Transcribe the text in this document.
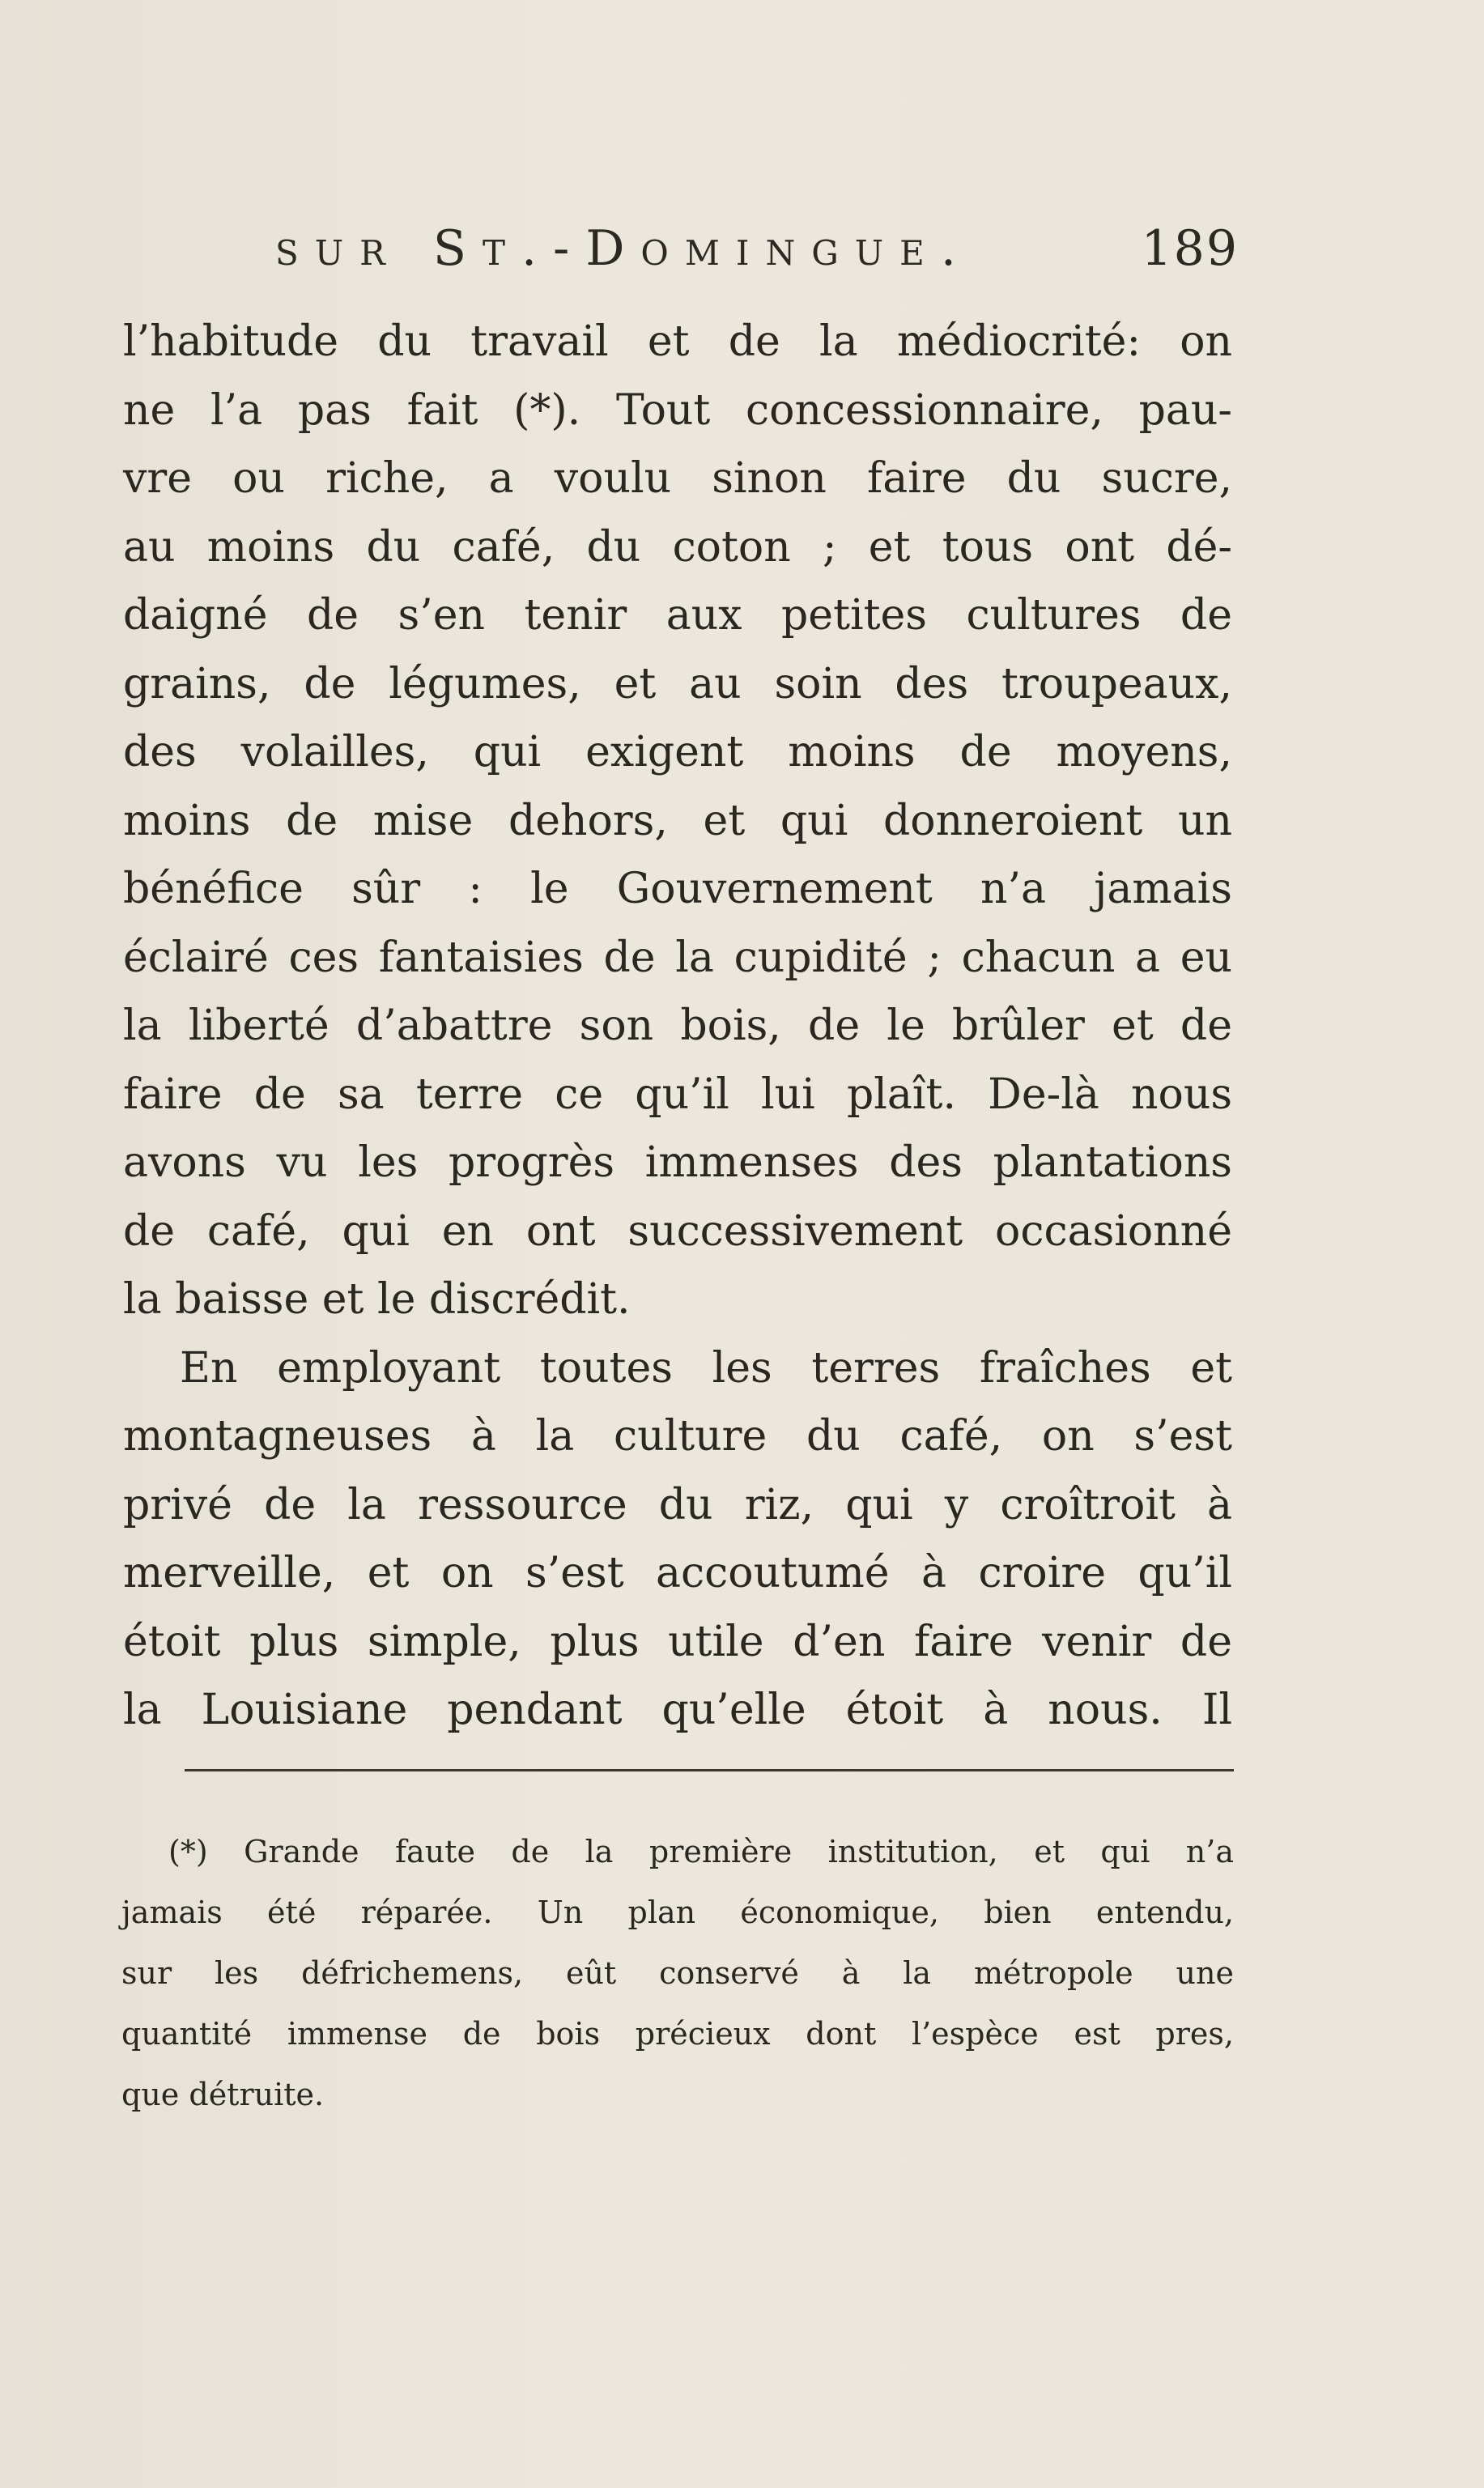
sur St.-Domingue.	189
l’habitude du travail et de la médiocrité: on
ne l’a pas fait (*). Tout concessionnaire, pau-
vre ou riche, a voulu sinon faire du sucre,
au moins du café, du coton ; et tous ont dé-
daigné de s’en tenir aux petites cultures de
grains, de légumes, et au soin des troupeaux,
des volailles, qui exigent moins de moyens,
moins de mise dehors, et qui donneroient un
bénéfice sûr : le Gouvernement n’a jamais
éclairé ces fantaisies de la cupidité ; chacun a eu
la liberté d’abattre son bois, de le brûler et de
faire de sa terre ce qu’il lui plaît. De-là nous
avons vu les progrès immenses des plantations
de café, qui en ont successivement occasionné
la baisse et le discrédit.
En employant toutes les terres fraîches et
montagneuses à la culture du café, on s’est
privé de la ressource du riz, qui y croîtroit à
merveille, et on s’est accoutumé à croire qu’il
étoit plus simple, plus utile d’en faire venir de
la Louisiane pendant qu’elle étoit à nous. Il
(*) Grande faute de la première institution, et qui n’a
jamais été réparée. Un plan économique, bien entendu,
sur les défrichemens, eût conservé à la métropole une
quantité immense de bois précieux dont l’espèce est pres,
que détruite.
